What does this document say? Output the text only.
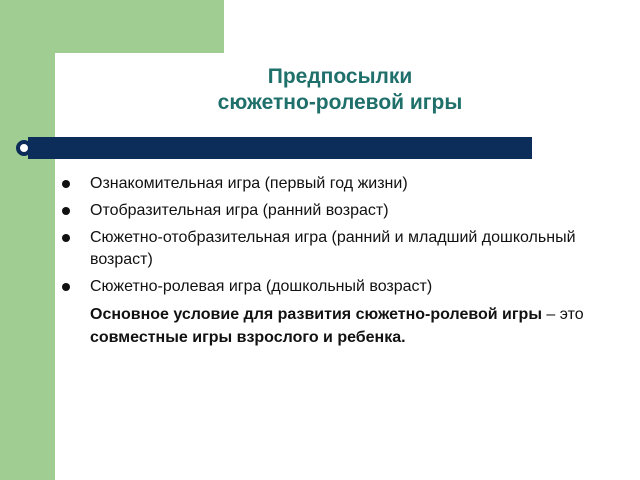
Предпосылки
сюжетно-ролевой игры
Ознакомительная игра (первый год жизни)
Отобразительная игра (ранний возраст)
Сюжетно-отобразительная игра (ранний и младший дошкольный возраст)
Сюжетно-ролевая игра (дошкольный возраст)
Основное условие для развития сюжетно-ролевой игры – это совместные игры взрослого и ребенка.
